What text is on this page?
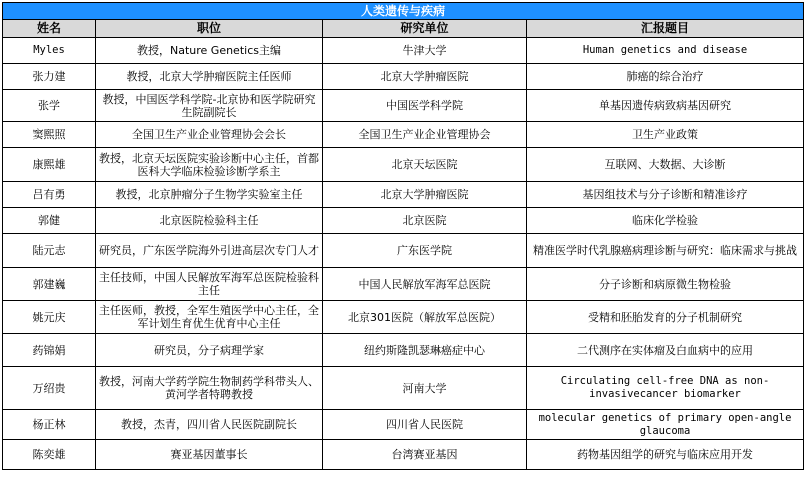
人类遗传与疾病			
姓名	职位	研究单位	汇报题目
Myles	教授，Nature Genetics主编	牛津大学	Human genetics and disease
张力建	教授，北京大学肿瘤医院主任医师	北京大学肿瘤医院	肺癌的综合治疗
张学	教授，中国医学科学院-北京协和医学院研究生院副院长	中国医学科学院	单基因遗传病致病基因研究
窦熙照	全国卫生产业企业管理协会会长	全国卫生产业企业管理协会	卫生产业政策
康熙雄	教授，北京天坛医院实验诊断中心主任，首都医科大学临床检验诊断学系主	北京天坛医院	互联网、大数据、大诊断
吕有勇	教授，北京肿瘤分子生物学实验室主任	北京大学肿瘤医院	基因组技术与分子诊断和精准诊疗
郭健	北京医院检验科主任	北京医院	临床化学检验
陆元志	研究员，广东医学院海外引进高层次专门人才	广东医学院	精准医学时代乳腺癌病理诊断与研究：临床需求与挑战
郭建巍	主任技师，中国人民解放军海军总医院检验科主任	中国人民解放军海军总医院	分子诊断和病原微生物检验
姚元庆	主任医师，教授，全军生殖医学中心主任，全军计划生育优生优育中心主任	北京301医院（解放军总医院）	受精和胚胎发育的分子机制研究
药锦娟	研究员，分子病理学家	纽约斯隆凯瑟琳癌症中心	二代测序在实体瘤及白血病中的应用
万绍贵	教授，河南大学药学院生物制药学科带头人、黄河学者特聘教授	河南大学	Circulating cell-free DNA as non-invasivecancer biomarker
杨正林	教授，杰青，四川省人民医院副院长	四川省人民医院	molecular genetics of primary open-angle glaucoma
陈奕雄	赛亚基因董事长	台湾赛亚基因	药物基因组学的研究与临床应用开发
